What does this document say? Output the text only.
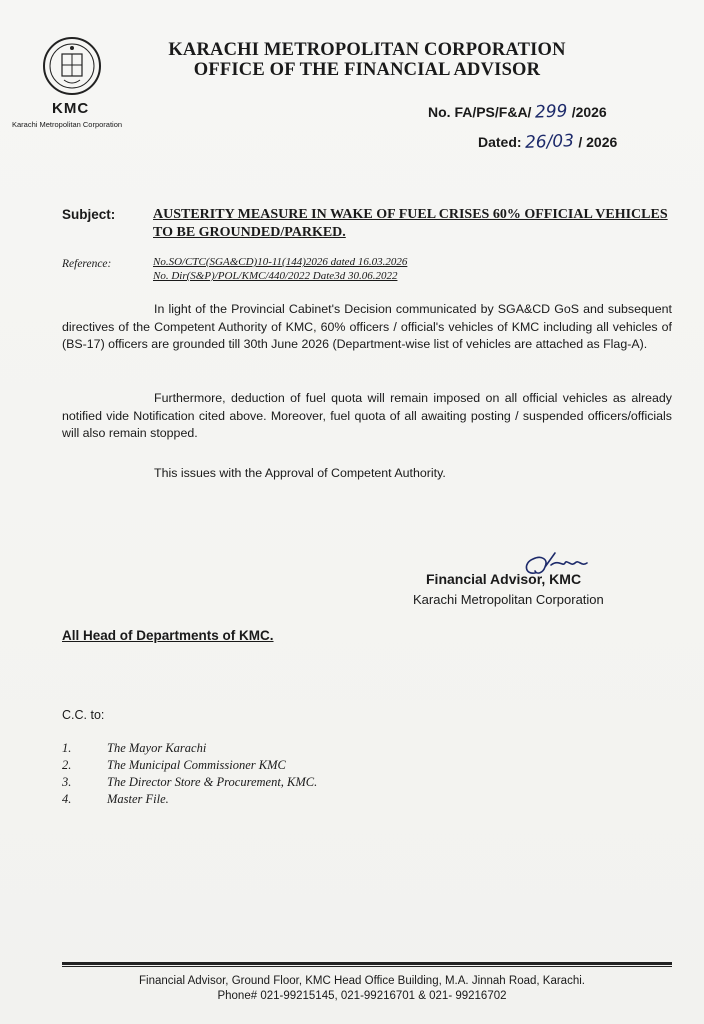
KMC
Karachi Metropolitan Corporation
KARACHI METROPOLITAN CORPORATION
OFFICE OF THE FINANCIAL ADVISOR
No. FA/PS/F&A/ 299 /2026
Dated: 26/03 / 2026
Subject:	AUSTERITY MEASURE IN WAKE OF FUEL CRISES 60% OFFICIAL VEHICLES TO BE GROUNDED/PARKED.
Reference:	No.SO/CTC(SGA&CD)10-11(144)2026 dated 16.03.2026
No. Dir(S&P)/POL/KMC/440/2022 Date3d 30.06.2022
In light of the Provincial Cabinet's Decision communicated by SGA&CD GoS and subsequent directives of the Competent Authority of KMC, 60% officers / official's vehicles of KMC including all vehicles of (BS-17) officers are grounded till 30th June 2026 (Department-wise list of vehicles are attached as Flag-A).
Furthermore, deduction of fuel quota will remain imposed on all official vehicles as already notified vide Notification cited above. Moreover, fuel quota of all awaiting posting / suspended officers/officials will also remain stopped.
This issues with the Approval of Competent Authority.
Financial Advisor, KMC
Karachi Metropolitan Corporation
All Head of Departments of KMC.
C.C. to:
1.	The Mayor Karachi
2.	The Municipal Commissioner KMC
3.	The Director Store & Procurement, KMC.
4.	Master File.
Financial Advisor, Ground Floor, KMC Head Office Building, M.A. Jinnah Road, Karachi.
Phone# 021-99215145, 021-99216701 & 021- 99216702
